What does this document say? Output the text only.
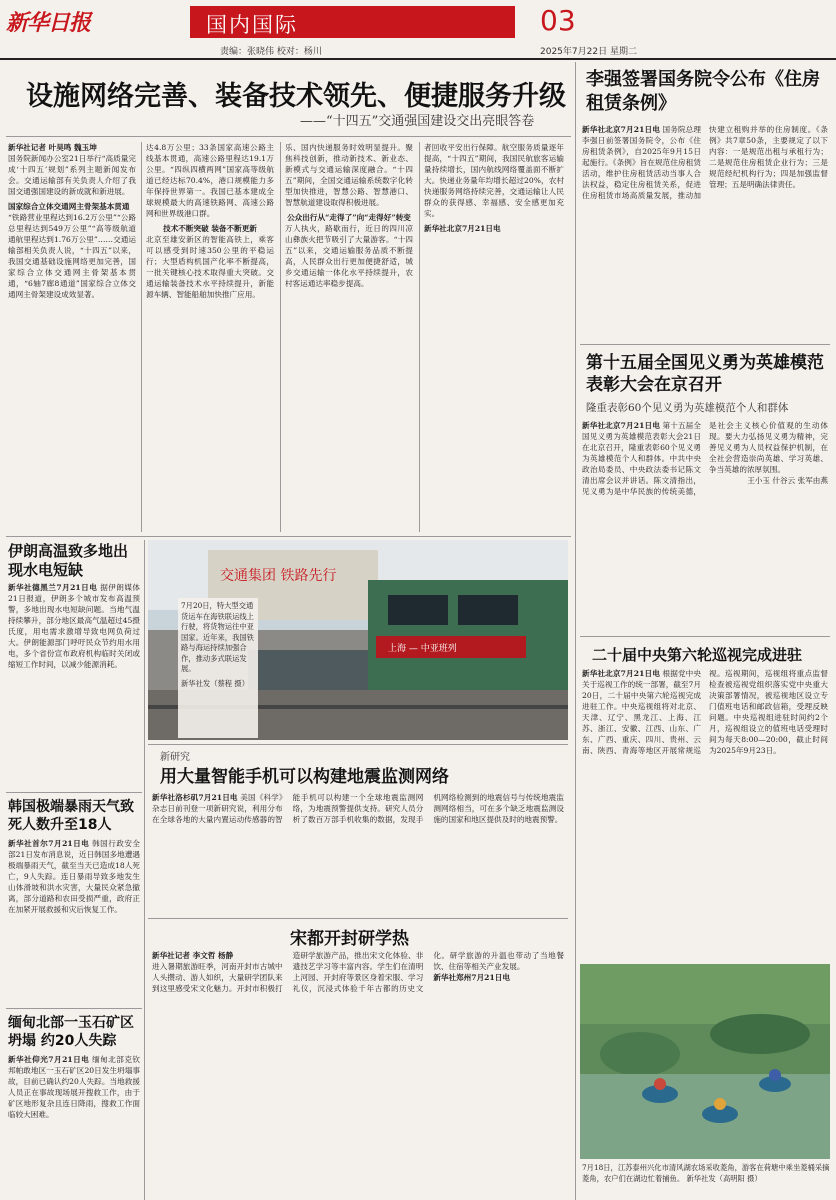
新华日报	国内国际
责编：张晓伟 校对：杨川
03
2025年7月22日 星期二
设施网络完善、装备技术领先、便捷服务升级
——“十四五”交通强国建设交出亮眼答卷
新华社记者 叶昊鸣 魏玉坤
国务院新闻办公室21日举行“高质量完成‘十四五’规划”系列主题新闻发布会。交通运输部有关负责人介绍了我国交通强国建设的新成就和新进展。
国家综合立体交通网主骨架基本贯通
“铁路营业里程达到16.2万公里”“公路总里程达到549万公里”“高等级航道通航里程达到1.76万公里”……交通运输部相关负责人说，“十四五”以来，我国交通基础设施网络更加完善，国家综合立体交通网主骨架基本贯通，“6轴7廊8通道”国家综合立体交通网主骨架建设成效显著。
达4.8万公里；33条国家高速公路主线基本贯通，高速公路里程达19.1万公里。“四纵四横两网”国家高等级航道已经达标70.4%，港口规模能力多年保持世界第一。我国已基本建成全球规模最大的高速铁路网、高速公路网和世界级港口群。
技术不断突破 装备不断更新
北京至雄安新区的智能高铁上，乘客可以感受到时速350公里的平稳运行；大型盾构机国产化率不断提高，一批关键核心技术取得重大突破。交通运输装备技术水平持续提升，新能源车辆、智能船舶加快推广应用。
乐、国内快递服务时效明显提升。聚焦科技创新，推动新技术、新业态、新模式与交通运输深度融合。“十四五”期间，全国交通运输系统数字化转型加快推进，智慧公路、智慧港口、智慧航道建设取得积极进展。
公众出行从“走得了”向“走得好”转变
万人执火，路歇而行，近日的四川凉山彝族火把节吸引了大量游客。“十四五”以来，交通运输服务品质不断提高，人民群众出行更加便捷舒适，城乡交通运输一体化水平持续提升，农村客运通达率稳步提高。
者回收平安出行保障。航空服务质量逐年提高，“十四五”期间，我国民航旅客运输量持续增长，国内航线网络覆盖面不断扩大。快递业务量年均增长超过20%，农村快递服务网络持续完善，交通运输让人民群众的获得感、幸福感、安全感更加充实。
新华社北京7月21日电
交通集团 铁路先行
上海 — 中亚班列
7月20日，特大型交通货运车在海铁联运线上行驶，将货物运往中亚国家。近年来，我国铁路与海运持续加强合作，推动多式联运发展。
新华社发（蔡程 摄）
伊朗高温致多地出现水电短缺
新华社德黑兰7月21日电 据伊朗媒体21日报道，伊朗多个城市发布高温预警，多地出现水电短缺问题。当地气温持续攀升，部分地区最高气温超过45摄氏度，用电需求激增导致电网负荷过大。伊朗能源部门呼吁民众节约用水用电，多个省份宣布政府机构临时关闭或缩短工作时间，以减少能源消耗。
韩国极端暴雨天气致死人数升至18人
新华社首尔7月21日电 韩国行政安全部21日发布消息说，近日韩国多地遭遇极端暴雨天气，截至当天已造成18人死亡，9人失踪。连日暴雨导致多地发生山体滑坡和洪水灾害，大量民众紧急撤离，部分道路和农田受损严重，政府正在加紧开展救援和灾后恢复工作。
缅甸北部一玉石矿区坍塌 约20人失踪
新华社仰光7月21日电 缅甸北部克钦邦帕敢地区一玉石矿区20日发生坍塌事故，目前已确认约20人失踪。当地救援人员正在事故现场展开搜救工作，由于矿区地形复杂且连日降雨，搜救工作面临较大困难。
新研究
用大量智能手机可以构建地震监测网络
新华社洛杉矶7月21日电 美国《科学》杂志日前刊登一项新研究说，利用分布在全球各地的大量内置运动传感器的智能手机可以构建一个全球地震监测网络，为地震预警提供支持。研究人员分析了数百万部手机收集的数据，发现手机网络检测到的地震信号与传统地震监测网络相当，可在多个缺乏地震监测设施的国家和地区提供及时的地震预警。
宋都开封研学热
新华社记者 李文哲 杨静
进入暑期旅游旺季，河南开封市古城中人头攒动、游人如织，大量研学团队来到这里感受宋文化魅力。开封市积极打造研学旅游产品，推出宋文化体验、非遗技艺学习等丰富内容。学生们在清明上河园、开封府等景区身着宋服、学习礼仪，沉浸式体验千年古都的历史文化。研学旅游的升温也带动了当地餐饮、住宿等相关产业发展。
新华社郑州7月21日电
李强签署国务院令公布《住房租赁条例》
新华社北京7月21日电 国务院总理李强日前签署国务院令，公布《住房租赁条例》，自2025年9月15日起施行。《条例》旨在规范住房租赁活动，维护住房租赁活动当事人合法权益，稳定住房租赁关系，促进住房租赁市场高质量发展，推动加快建立租购并举的住房制度。《条例》共7章50条，主要规定了以下内容：一是规范出租与承租行为；二是规范住房租赁企业行为；三是规范经纪机构行为；四是加强监督管理；五是明确法律责任。
第十五届全国见义勇为英雄模范表彰大会在京召开
隆重表彰60个见义勇为英雄模范个人和群体
新华社北京7月21日电 第十五届全国见义勇为英雄模范表彰大会21日在北京召开，隆重表彰60个见义勇为英雄模范个人和群体。中共中央政治局委员、中央政法委书记陈文清出席会议并讲话。陈文清指出，见义勇为是中华民族的传统美德，是社会主义核心价值观的生动体现。要大力弘扬见义勇为精神，完善见义勇为人员权益保护机制，在全社会营造崇尚英雄、学习英雄、争当英雄的浓厚氛围。
王小玉 什谷云 张军由燕
二十届中央第六轮巡视完成进驻
新华社北京7月21日电 根据党中央关于巡视工作的统一部署，截至7月20日，二十届中央第六轮巡视完成进驻工作。中央巡视组将对北京、天津、辽宁、黑龙江、上海、江苏、浙江、安徽、江西、山东、广东、广西、重庆、四川、贵州、云南、陕西、青海等地区开展常规巡视。巡视期间，巡视组将重点监督检查被巡视党组织落实党中央重大决策部署情况，被巡视地区设立专门值班电话和邮政信箱，受理反映问题。中央巡视组进驻时间约2个月，巡视组设立的值班电话受理时间为每天8:00—20:00，截止时间为2025年9月23日。
7月18日，江苏泰州兴化市清风湖农场采收菱角，游客在荷塘中乘坐菱桶采摘菱角，农户们在湖边忙着捕鱼。 新华社发（高明阳 摄）
